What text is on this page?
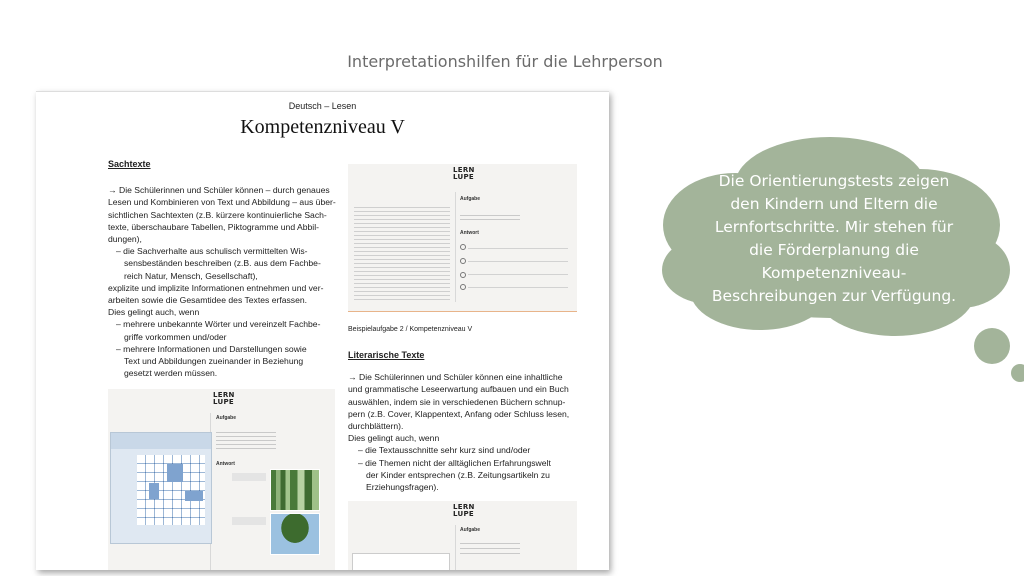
Interpretationshilfen für die Lehrperson
Deutsch – Lesen
Kompetenzniveau V
Sachtexte

→ Die Schülerinnen und Schüler können – durch genaues

Lesen und Kombinieren von Text und Abbildung – aus über-

sichtlichen Sachtexten (z.B. kürzere kontinuierliche Sach-

texte, überschaubare Tabellen, Piktogramme und Abbil-

dungen),

– die Sachverhalte aus schulisch vermittelten Wis-

sensbeständen beschreiben (z.B. aus dem Fachbe-

reich Natur, Mensch, Gesellschaft),

explizite und implizite Informationen entnehmen und ver-

arbeiten sowie die Gesamtidee des Textes erfassen.

Dies gelingt auch, wenn

– mehrere unbekannte Wörter und vereinzelt Fachbe-

griffe vorkommen und/oder

– mehrere Informationen und Darstellungen sowie

Text und Abbildungen zueinander in Beziehung

gesetzt werden müssen.

LERN
LUPE
Aufgabe
Antwort
Beispielaufgabe 2 / Kompetenzniveau V
Literarische Texte

→ Die Schülerinnen und Schüler können eine inhaltliche

und grammatische Leseerwartung aufbauen und ein Buch

auswählen, indem sie in verschiedenen Büchern schnup-

pern (z.B. Cover, Klappentext, Anfang oder Schluss lesen,

durchblättern).

Dies gelingt auch, wenn

– die Textausschnitte sehr kurz sind und/oder

– die Themen nicht der alltäglichen Erfahrungswelt

der Kinder entsprechen (z.B. Zeitungsartikeln zu

Erziehungsfragen).

LERN
LUPE
Aufgabe
Antwort
LERN
LUPE
Aufgabe
Die Orientierungstests zeigen
den Kindern und Eltern die
Lernfortschritte. Mir stehen für
die Förderplanung die
Kompetenzniveau-
Beschreibungen zur Verfügung.
